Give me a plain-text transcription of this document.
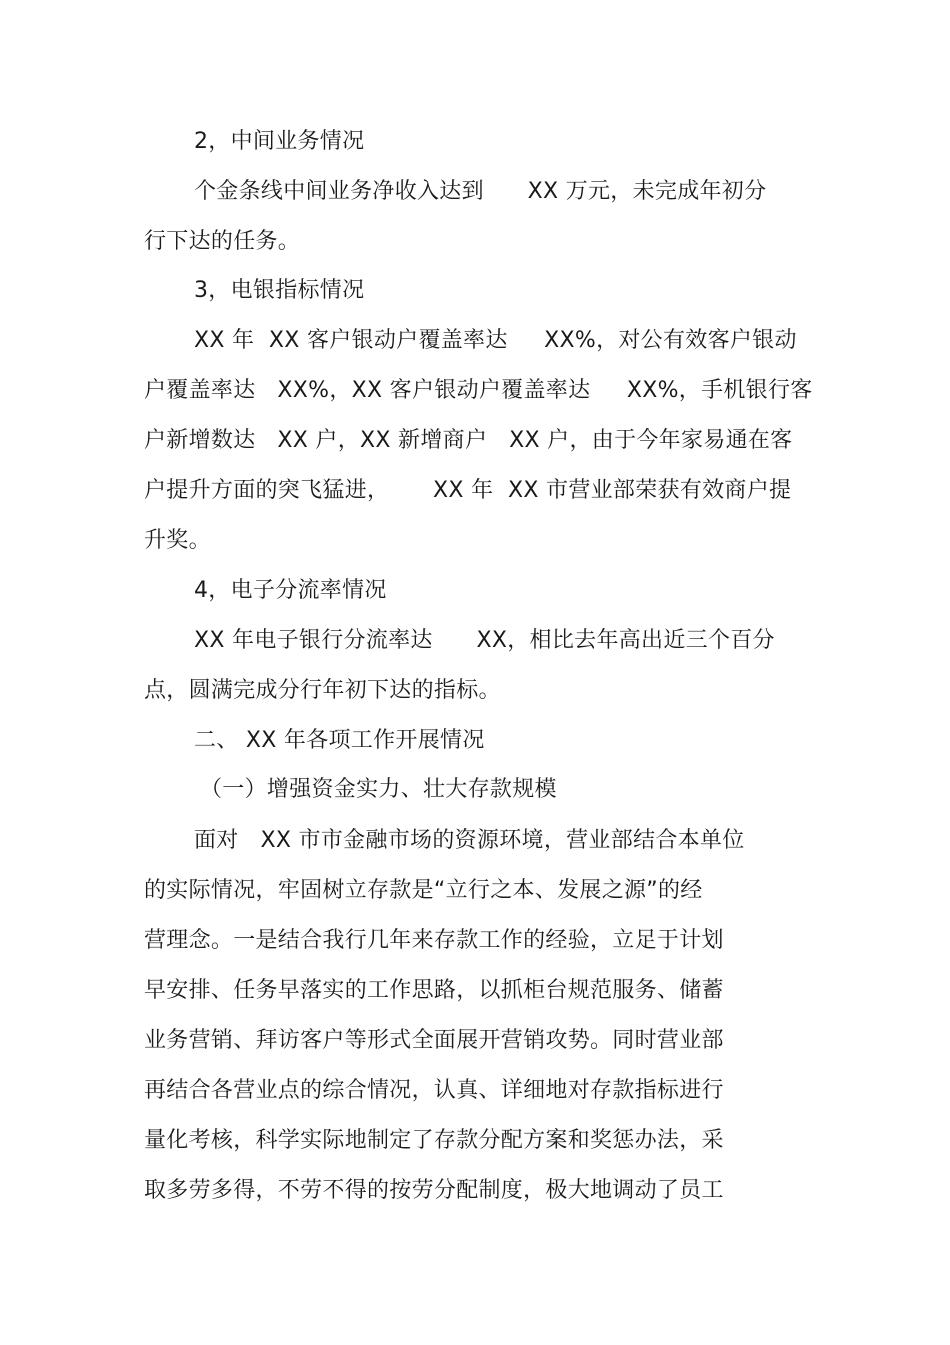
2，中间业务情况

个金条线中间业务净收入达到      XX 万元，未完成年初分

行下达的任务。

3，电银指标情况

XX 年  XX 客户银动户覆盖率达     XX%，对公有效客户银动

户覆盖率达   XX%，XX 客户银动户覆盖率达     XX%，手机银行客

户新增数达   XX 户，XX 新增商户   XX 户，由于今年家易通在客

户提升方面的突飞猛进，      XX 年  XX 市营业部荣获有效商户提

升奖。

4，电子分流率情况

XX 年电子银行分流率达      XX，相比去年高出近三个百分

点，圆满完成分行年初下达的指标。

二、 XX 年各项工作开展情况

（一）增强资金实力、壮大存款规模

面对   XX 市市金融市场的资源环境，营业部结合本单位

的实际情况，牢固树立存款是“立行之本、发展之源”的经

营理念。一是结合我行几年来存款工作的经验，立足于计划

早安排、任务早落实的工作思路，以抓柜台规范服务、储蓄

业务营销、拜访客户等形式全面展开营销攻势。同时营业部

再结合各营业点的综合情况，认真、详细地对存款指标进行

量化考核，科学实际地制定了存款分配方案和奖惩办法，采

取多劳多得，不劳不得的按劳分配制度，极大地调动了员工
